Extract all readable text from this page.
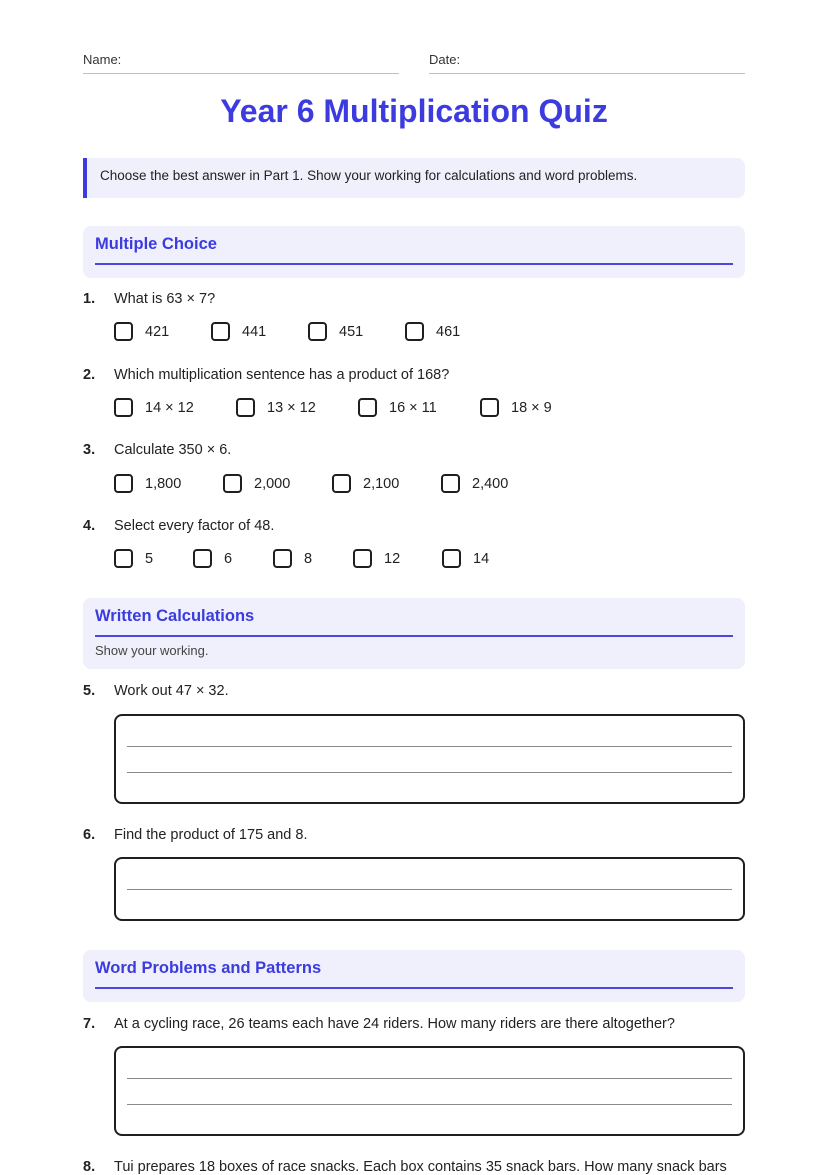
Name:	Date:
Year 6 Multiplication Quiz
Choose the best answer in Part 1. Show your working for calculations and word problems.
Multiple Choice
1.	What is 63 × 7?
421	441	451	461
2.	Which multiplication sentence has a product of 168?
14 × 12	13 × 12	16 × 11	18 × 9
3.	Calculate 350 × 6.
1,800	2,000	2,100	2,400
4.	Select every factor of 48.
5	6	8	12	14
Written Calculations
Show your working.
5.	Work out 47 × 32.
6.	Find the product of 175 and 8.
Word Problems and Patterns
7.	At a cycling race, 26 teams each have 24 riders. How many riders are there altogether?
8.	Tui prepares 18 boxes of race snacks. Each box contains 35 snack bars. How many snack bars
